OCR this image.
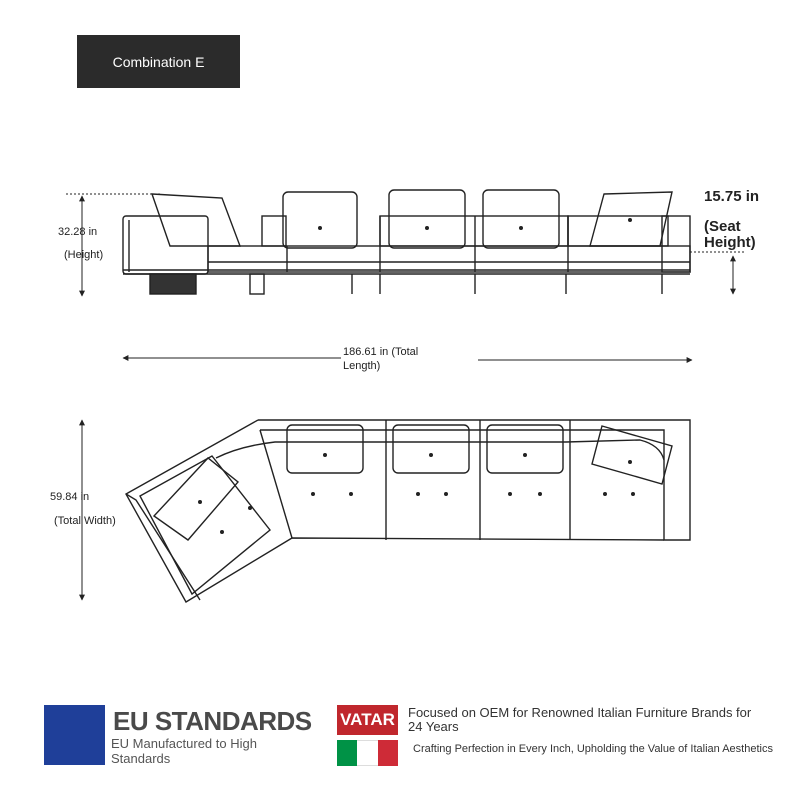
Combination E
32.28 in
(Height)
15.75 in
(Seat Height)
186.61 in (Total
Length)
59.84 in
(Total Width)
EU STANDARDS
EU Manufactured to High Standards
VATAR Focused on OEM for Renowned Italian Furniture Brands for 24 Years
Crafting Perfection in Every Inch, Upholding the Value of Italian Aesthetics
